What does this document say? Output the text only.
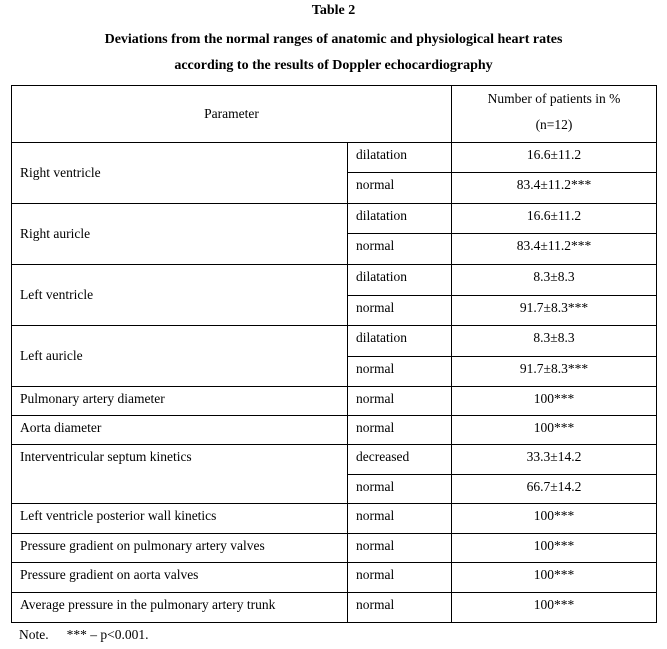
Table 2
Deviations from the normal ranges of anatomic and physiological heart rates
according to the results of Doppler echocardiography
Parameter		Number of patients in %
(n=12)
Right ventricle	dilatation	16.6±11.2
	normal	83.4±11.2***
Right auricle	dilatation	16.6±11.2
	normal	83.4±11.2***
Left ventricle	dilatation	8.3±8.3
	normal	91.7±8.3***
Left auricle	dilatation	8.3±8.3
	normal	91.7±8.3***
Pulmonary artery diameter	normal	100***
Aorta diameter	normal	100***
Interventricular septum kinetics	decreased	33.3±14.2
	normal	66.7±14.2
Left ventricle posterior wall kinetics	normal	100***
Pressure gradient on pulmonary artery valves	normal	100***
Pressure gradient on aorta valves	normal	100***
Average pressure in the pulmonary artery trunk	normal	100***
Note. *** – p<0.001.
